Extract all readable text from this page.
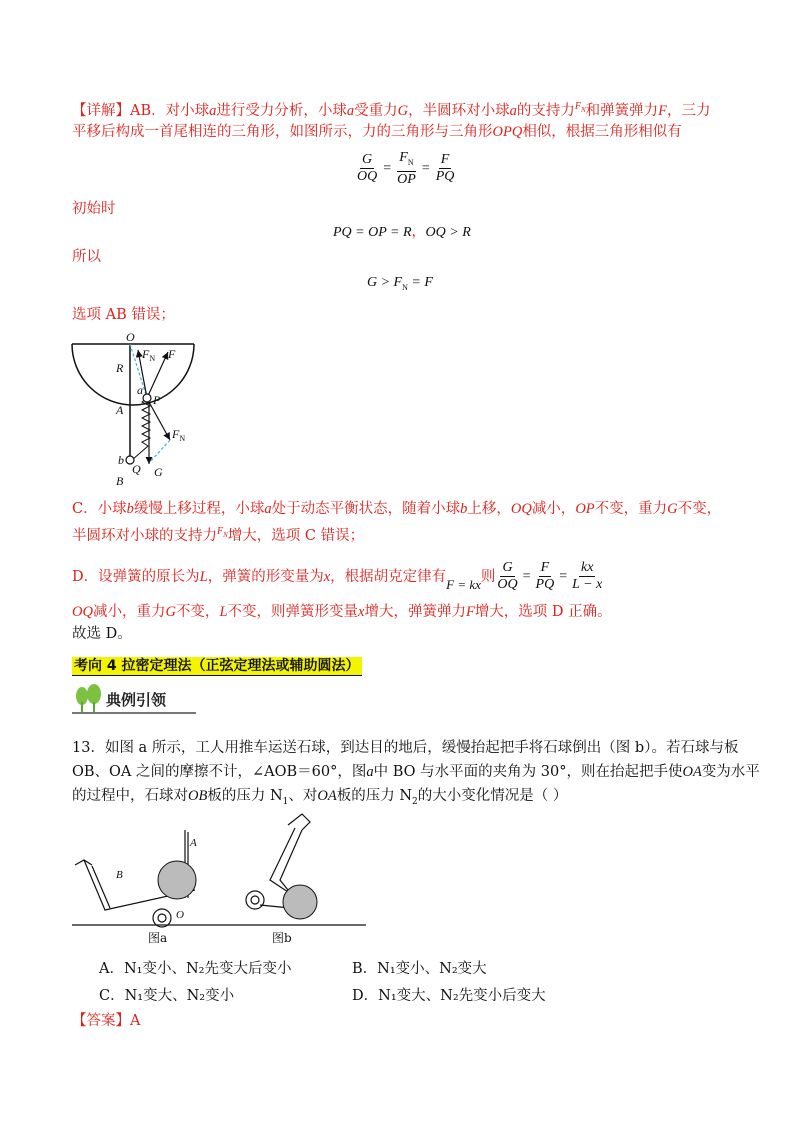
【详解】AB．对小球a进行受力分析，小球a受重力G，半圆环对小球a的支持力$^{F_N}$和弹簧弹力F，三力
平移后构成一首尾相连的三角形，如图所示，力的三角形与三角形OPQ相似，根据三角形相似有
$\frac{G}{OQ} = \frac{F_N}{OP} = \frac{F}{PQ}$
初始时
PQ = OP = R，OQ > R
所以
$G > F_N = F$
选项 AB 错误；
O
R
A
B
a
b
P
Q G
F
$F_N$
$F_N$
C．小球b缓慢上移过程，小球a处于动态平衡状态，随着小球b上移，OQ减小，OP不变，重力G不变，
半圆环对小球的支持力$^{F_N}$增大，选项 C 错误；
D．设弹簧的原长为 L ，弹簧的形变量为 x ，根据胡克定律有 F = kx 则 $\frac{G}{OQ} = \frac{F}{PQ} = \frac{kx}{L - x}$
OQ减小，重力G不变，L不变，则弹簧形变量x增大，弹簧弹力F增大，选项 D 正确。
故选 D。
考向 4 拉密定理法（正弦定理法或辅助圆法）
典例引领
13．如图 a 所示，工人用推车运送石球，到达目的地后，缓慢抬起把手将石球倒出（图 b）。若石球与板
OB、OA 之间的摩擦不计，∠AOB＝60°，图a中 BO 与水平面的夹角为 30°，则在抬起把手使OA变为水平
的过程中，石球对OB板的压力 $N_1$、对OA板的压力 $N_2$的大小变化情况是（ ）
A
B
O
图a	图b
A．N₁变小、N₂先变大后变小	B．N₁变小、N₂变大
C．N₁变大、N₂变小	D．N₁变大、N₂先变小后变大
【答案】A
